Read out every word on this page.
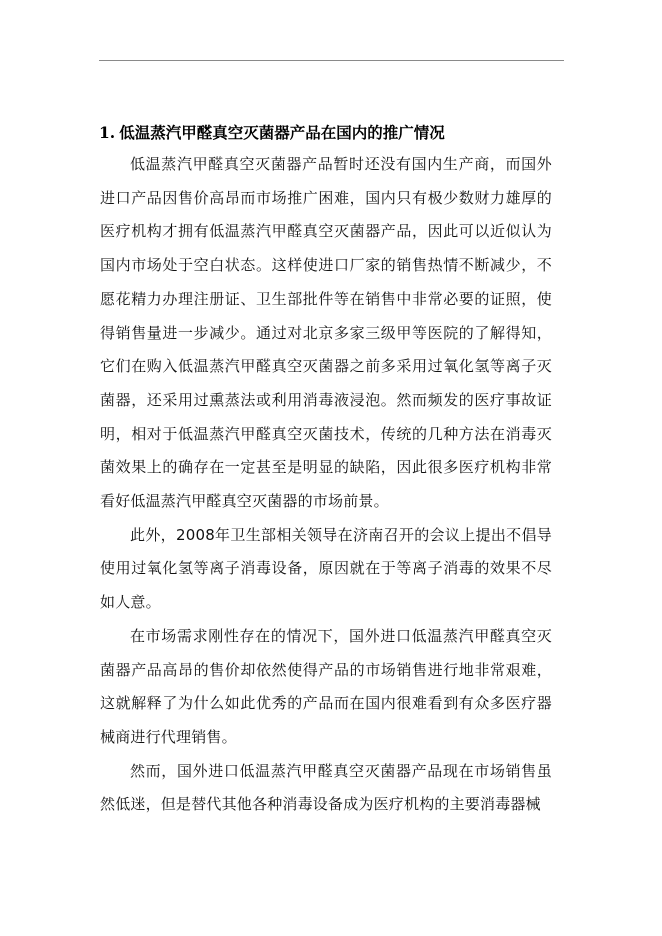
1. 低温蒸汽甲醛真空灭菌器产品在国内的推广情况

低温蒸汽甲醛真空灭菌器产品暂时还没有国内生产商，而国外进口产品因售价高昂而市场推广困难，国内只有极少数财力雄厚的医疗机构才拥有低温蒸汽甲醛真空灭菌器产品，因此可以近似认为国内市场处于空白状态。这样使进口厂家的销售热情不断减少，不愿花精力办理注册证、卫生部批件等在销售中非常必要的证照，使得销售量进一步减少。通过对北京多家三级甲等医院的了解得知，它们在购入低温蒸汽甲醛真空灭菌器之前多采用过氧化氢等离子灭菌器，还采用过熏蒸法或利用消毒液浸泡。然而频发的医疗事故证明，相对于低温蒸汽甲醛真空灭菌技术，传统的几种方法在消毒灭菌效果上的确存在一定甚至是明显的缺陷，因此很多医疗机构非常看好低温蒸汽甲醛真空灭菌器的市场前景。

此外，2008年卫生部相关领导在济南召开的会议上提出不倡导使用过氧化氢等离子消毒设备，原因就在于等离子消毒的效果不尽如人意。

在市场需求刚性存在的情况下，国外进口低温蒸汽甲醛真空灭菌器产品高昂的售价却依然使得产品的市场销售进行地非常艰难，这就解释了为什么如此优秀的产品而在国内很难看到有众多医疗器械商进行代理销售。

然而，国外进口低温蒸汽甲醛真空灭菌器产品现在市场销售虽然低迷，但是替代其他各种消毒设备成为医疗机构的主要消毒器械
